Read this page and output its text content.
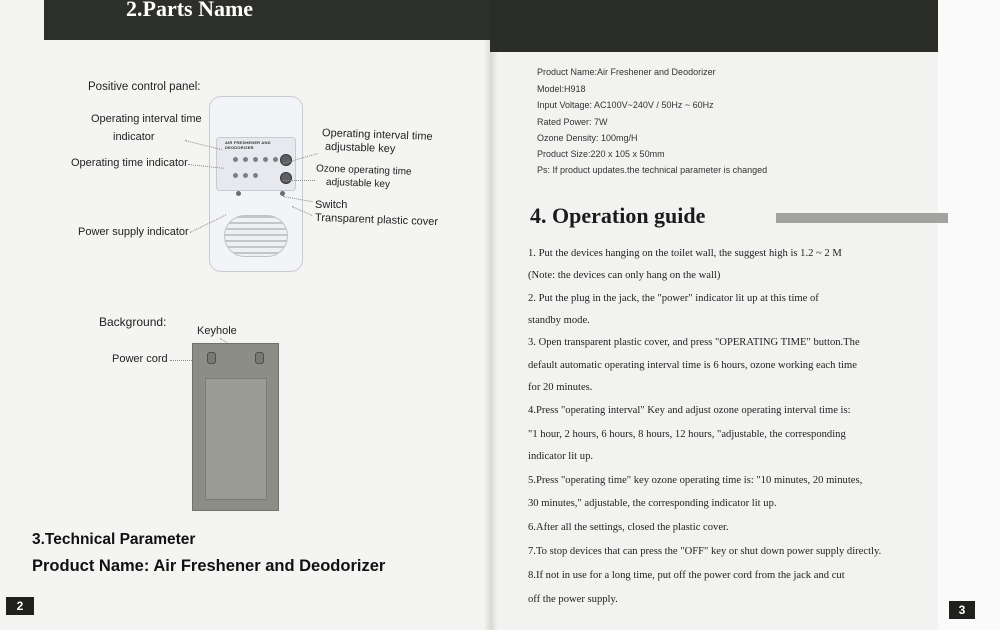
2.Parts Name
Positive control panel:
AIR FRESHENER AND DEODORIZER
Operating interval time
indicator
Operating time indicator
Power supply indicator
Operating interval time
adjustable key
Ozone operating time
adjustable key
Switch
Transparent plastic cover
Background:
Keyhole
Power cord
3.Technical Parameter
Product Name: Air Freshener and Deodorizer
2
Product Name:Air Freshener and Deodorizer
Model:H918
Input Voltage: AC100V~240V / 50Hz ~ 60Hz
Rated Power: 7W
Ozone Density: 100mg/H
Product Size:220 x 105 x 50mm
Ps: If product updates.the technical parameter is changed
4. Operation guide
1. Put the devices hanging on the toilet wall, the suggest high is 1.2 ~ 2 M
(Note: the devices can only hang on the wall)
2. Put the plug in the jack, the "power" indicator lit up at this time of
standby mode.
3. Open transparent plastic cover, and press "OPERATING TIME" button.The
default automatic operating interval time is 6 hours, ozone working each time
for 20 minutes.
4.Press "operating interval" Key and adjust ozone operating interval time is:
"1 hour, 2 hours, 6 hours, 8 hours, 12 hours, "adjustable, the corresponding
indicator lit up.
5.Press "operating time" key ozone operating time is: "10 minutes, 20 minutes,
30 minutes," adjustable, the corresponding indicator lit up.
6.After all the settings, closed the plastic cover.
7.To stop devices that can press the "OFF" key or shut down power supply directly.
8.If not in use for a long time, put off the power cord from the jack and cut
off the power supply.
3
